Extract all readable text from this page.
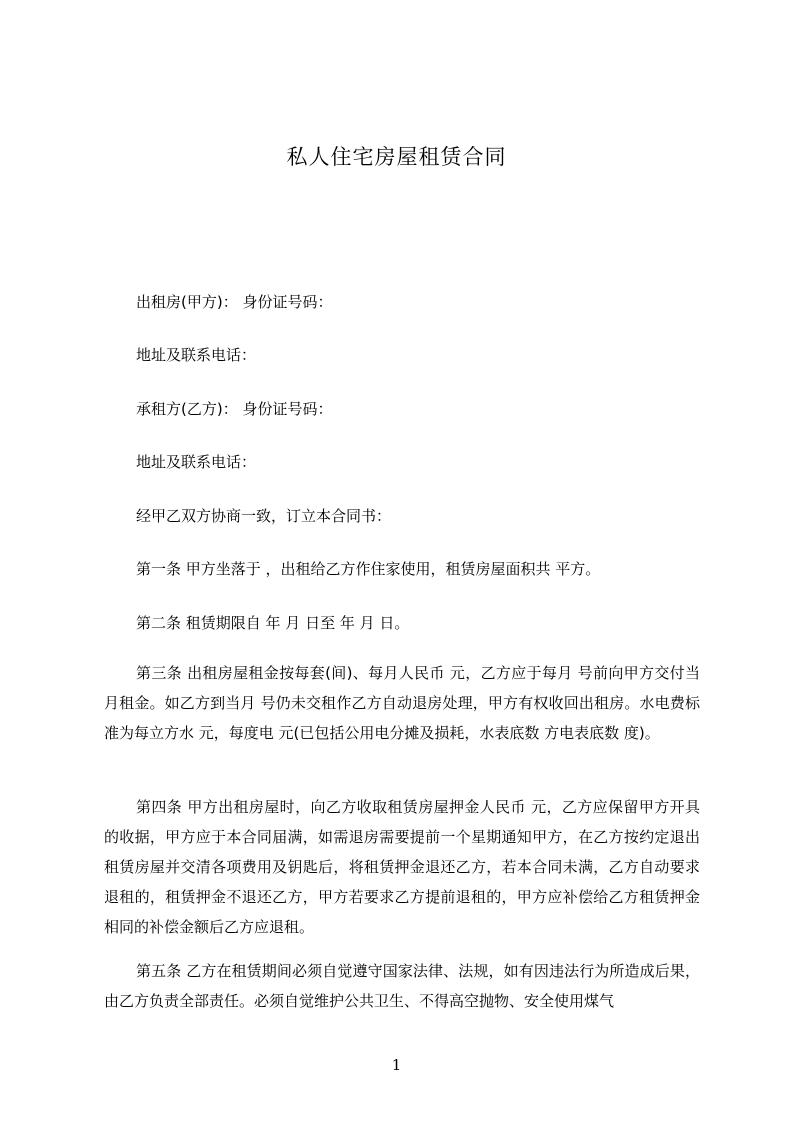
私人住宅房屋租赁合同
出租房(甲方)： 身份证号码：
地址及联系电话：
承租方(乙方)： 身份证号码：
地址及联系电话：
经甲乙双方协商一致，订立本合同书：
第一条 甲方坐落于 ，出租给乙方作住家使用，租赁房屋面积共 平方。
第二条 租赁期限自 年 月 日至 年 月 日。
第三条 出租房屋租金按每套(间)、每月人民币 元，乙方应于每月 号前向甲方交付当月租金。如乙方到当月 号仍未交租作乙方自动退房处理，甲方有权收回出租房。水电费标准为每立方水 元，每度电 元(已包括公用电分摊及损耗，水表底数 方电表底数 度)。
第四条 甲方出租房屋时，向乙方收取租赁房屋押金人民币 元，乙方应保留甲方开具的收据，甲方应于本合同届满，如需退房需要提前一个星期通知甲方，在乙方按约定退出租赁房屋并交清各项费用及钥匙后，将租赁押金退还乙方，若本合同未满，乙方自动要求退租的，租赁押金不退还乙方，甲方若要求乙方提前退租的，甲方应补偿给乙方租赁押金相同的补偿金额后乙方应退租。
第五条 乙方在租赁期间必须自觉遵守国家法律、法规，如有因违法行为所造成后果，由乙方负责全部责任。必须自觉维护公共卫生、不得高空抛物、安全使用煤气
1
